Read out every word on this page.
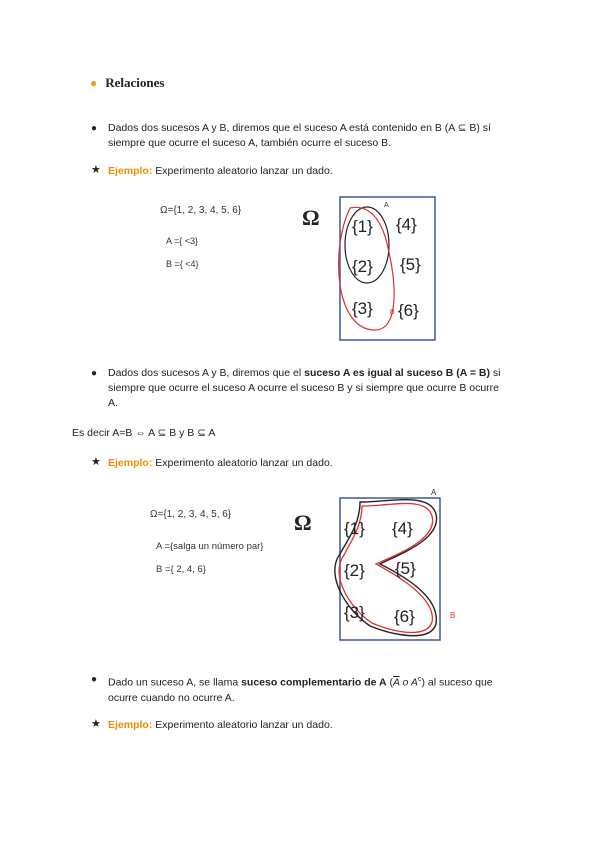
● Relaciones
● Dados dos sucesos A y B, diremos que el suceso A está contenido en B (A ⊆ B) sí
siempre que ocurre el suceso A, también ocurre el suceso B.
★ Ejemplo: Experimento aleatorio lanzar un dado.
Ω={1, 2, 3, 4, 5, 6}
A ={ <3}
B ={ <4}
Ω	A
B
{1}
{2}
{3}
{4}
{5}
{6}
● Dados dos sucesos A y B, diremos que el suceso A es igual al suceso B (A = B) si
siempre que ocurre el suceso A ocurre el suceso B y si siempre que ocurre B ocurre
A.
Es decir A=B ⇔ A ⊆ B y B ⊆ A
★ Ejemplo: Experimento aleatorio lanzar un dado.
Ω={1, 2, 3, 4, 5, 6}
A ={salga un número par}
B ={ 2, 4, 6}
Ω
A
B
{1}
{2}
{3}
{4}
{5}
{6}
● Dado un suceso A, se llama suceso complementario de A ($\overline{A}$ o $A^c$) al suceso que
ocurre cuando no ocurre A.
★ Ejemplo: Experimento aleatorio lanzar un dado.
